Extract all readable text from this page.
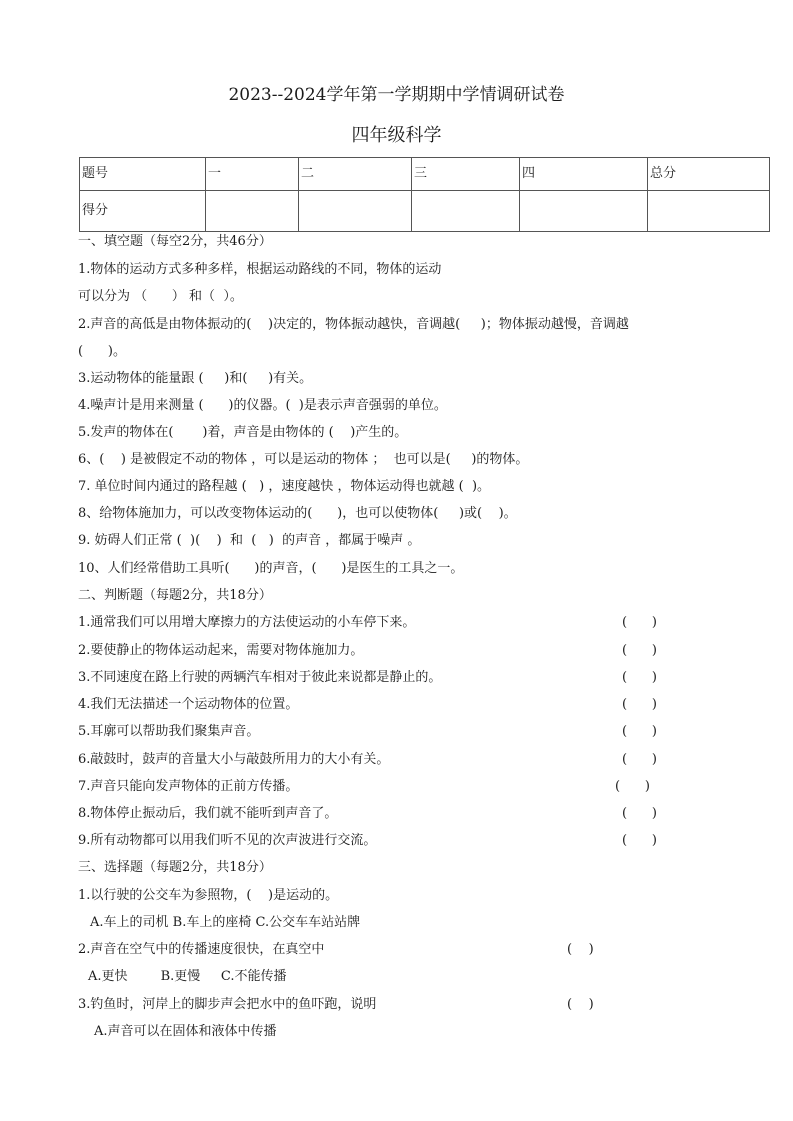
2023--2024学年第一学期期中学情调研试卷
四年级科学
题号	一	二	三	四	总分
得分					
一、填空题（每空2分，共46分）
1.物体的运动方式多种多样，根据运动路线的不同，物体的运动
可以分为 （      ） 和（  ）。
2.声音的高低是由物体振动的(    )决定的，物体振动越快，音调越(     )；物体振动越慢，音调越
(      )。
3.运动物体的能量跟 (     )和(     )有关。
4.噪声计是用来测量 (      )的仪器。(  )是表示声音强弱的单位。
5.发声的物体在(       )着，声音是由物体的 (    )产生的。
6、(    ) 是被假定不动的物体 ，可以是运动的物体 ；  也可以是(     )的物体。
7. 单位时间内通过的路程越 (   ) ，速度越快 ，物体运动得也就越 (  )。
8、给物体施加力，可以改变物体运动的(      )，也可以使物体(     )或(    )。
9. 妨碍人们正常 (  )(    )  和  (   )  的声音 ，都属于噪声 。
10、人们经常借助工具听(      )的声音，(      )是医生的工具之一。
二、判断题（每题2分，共18分）
1.通常我们可以用增大摩擦力的方法使运动的小车停下来。	(      )
2.要使静止的物体运动起来，需要对物体施加力。	(      )
3.不同速度在路上行驶的两辆汽车相对于彼此来说都是静止的。	(      )
4.我们无法描述一个运动物体的位置。	(      )
5.耳廓可以帮助我们聚集声音。	(      )
6.敲鼓时，鼓声的音量大小与敲鼓所用力的大小有关。	(      )
7.声音只能向发声物体的正前方传播。	(      )
8.物体停止振动后，我们就不能听到声音了。	(      )
9.所有动物都可以用我们听不见的次声波进行交流。	(      )
三、选择题（每题2分，共18分）
1.以行驶的公交车为参照物，(    )是运动的。
A.车上的司机 B.车上的座椅 C.公交车车站站牌
2.声音在空气中的传播速度很快，在真空中	(    )
A.更快        B.更慢     C.不能传播
3.钓鱼时，河岸上的脚步声会把水中的鱼吓跑，说明	(    )
A.声音可以在固体和液体中传播
